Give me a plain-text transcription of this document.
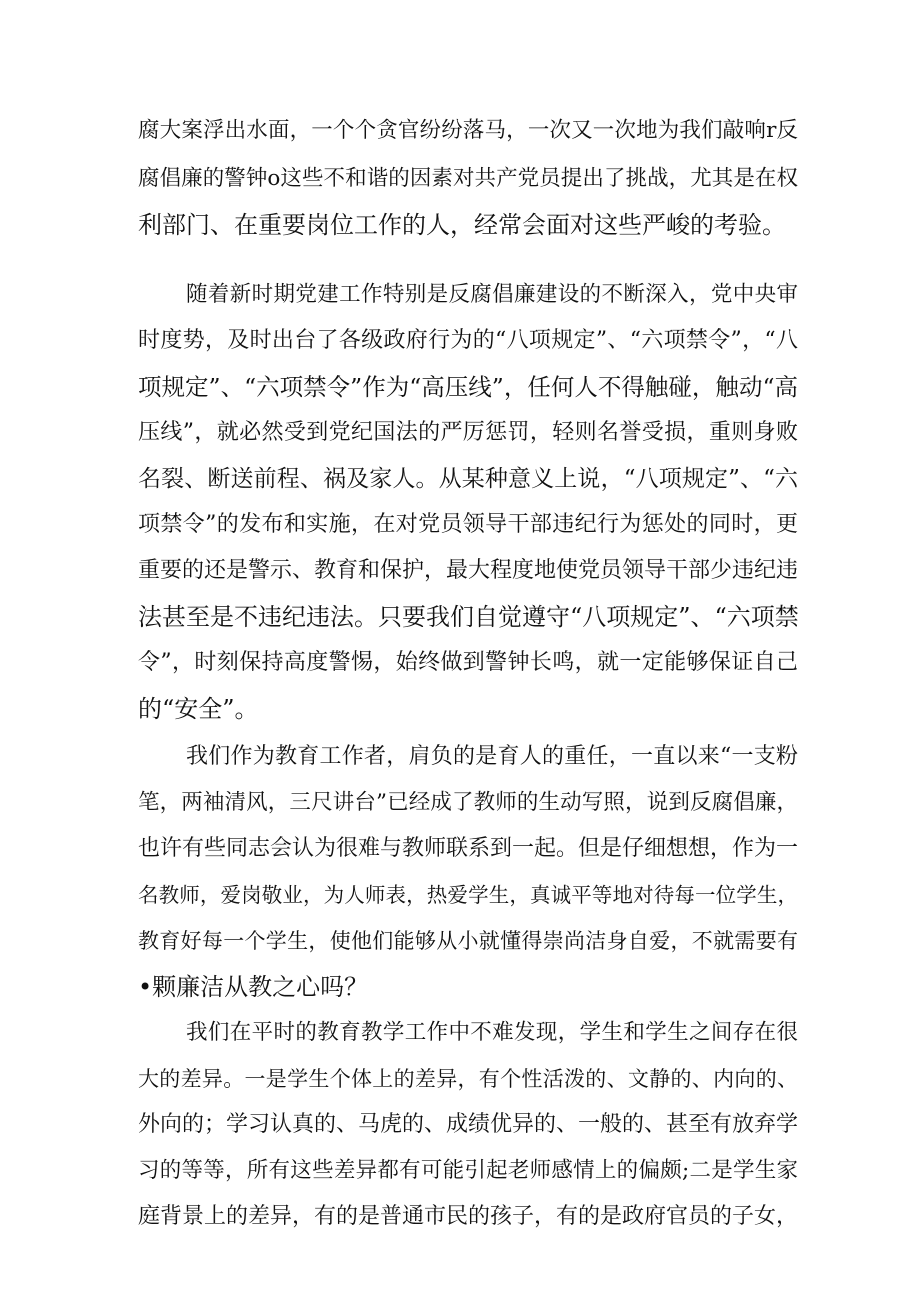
腐大案浮出水面，一个个贪官纷纷落马，一次又一次地为我们敲响r反

腐倡廉的警钟o这些不和谐的因素对共产党员提出了挑战，尤其是在权

利部门、在重要岗位工作的人，经常会面对这些严峻的考验。

随着新时期党建工作特别是反腐倡廉建设的不断深入，党中央审

时度势，及时出台了各级政府行为的“八项规定”、“六项禁令”，“八

项规定”、“六项禁令”作为“高压线”，任何人不得触碰，触动“高

压线”，就必然受到党纪国法的严厉惩罚，轻则名誉受损，重则身败

名裂、断送前程、祸及家人。从某种意义上说，“八项规定”、“六

项禁令”的发布和实施，在对党员领导干部违纪行为惩处的同时，更

重要的还是警示、教育和保护，最大程度地使党员领导干部少违纪违

法甚至是不违纪违法。只要我们自觉遵守“八项规定”、“六项禁

令”，时刻保持高度警惕，始终做到警钟长鸣，就一定能够保证自己

的“安全”。

我们作为教育工作者，肩负的是育人的重任，一直以来“一支粉

笔，两袖清风，三尺讲台”已经成了教师的生动写照，说到反腐倡廉，

也许有些同志会认为很难与教师联系到一起。但是仔细想想，作为一

名教师，爱岗敬业，为人师表，热爱学生，真诚平等地对待每一位学生，

教育好每一个学生，使他们能够从小就懂得崇尚洁身自爱，不就需要有

•颗廉洁从教之心吗？

我们在平时的教育教学工作中不难发现，学生和学生之间存在很

大的差异。一是学生个体上的差异，有个性活泼的、文静的、内向的、

外向的；学习认真的、马虎的、成绩优异的、一般的、甚至有放弃学

习的等等，所有这些差异都有可能引起老师感情上的偏颇;二是学生家

庭背景上的差异，有的是普通市民的孩子，有的是政府官员的子女，
